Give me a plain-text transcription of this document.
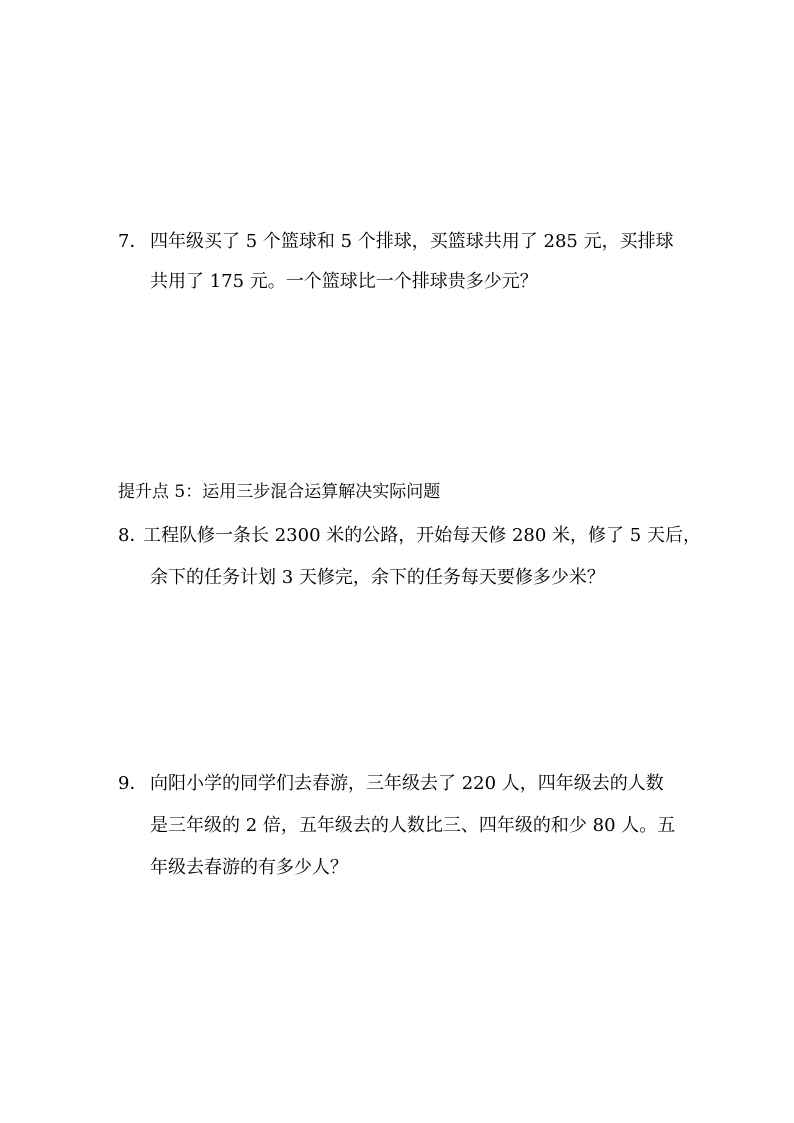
7． 四年级买了 5 个篮球和 5 个排球，买篮球共用了 285 元，买排球
共用了 175 元。一个篮球比一个排球贵多少元？
提升点 5：运用三步混合运算解决实际问题
8．
工程队修一条长 2300 米的公路，开始每天修 280 米，修了 5 天后，
余下的任务计划 3 天修完，余下的任务每天要修多少米？
9． 向阳小学的同学们去春游，三年级去了 220 人，四年级去的人数
是三年级的 2 倍，五年级去的人数比三、四年级的和少 80 人。五
年级去春游的有多少人？
